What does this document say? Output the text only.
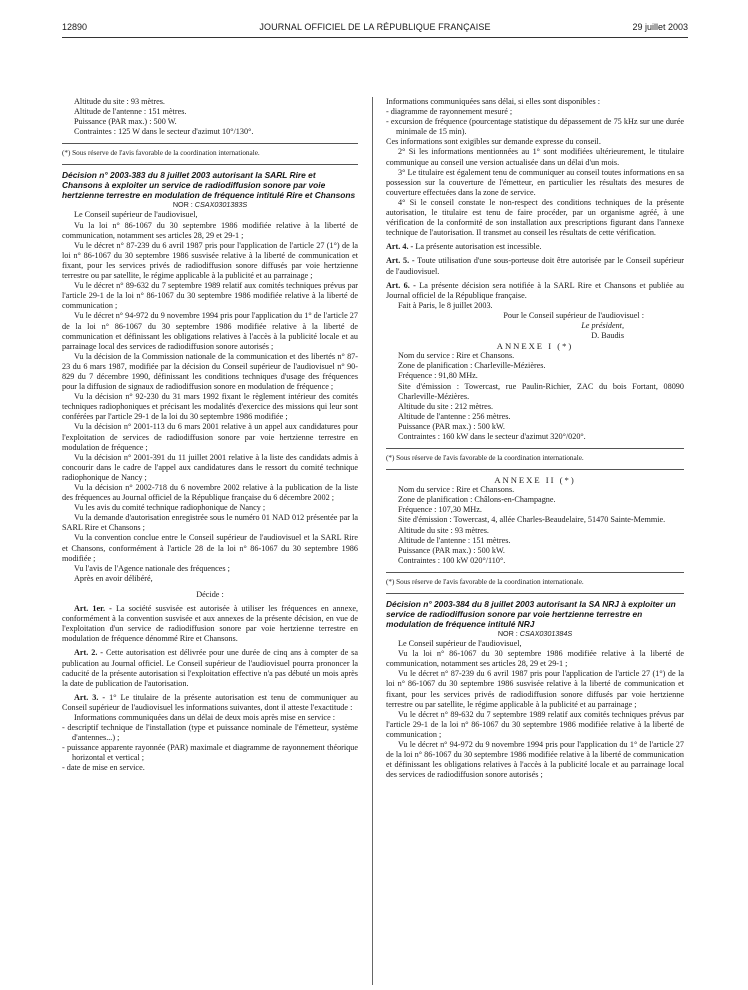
12890	JOURNAL OFFICIEL DE LA RÉPUBLIQUE FRANÇAISE	29 juillet 2003

Altitude du site : 93 mètres.

Altitude de l'antenne : 151 mètres.

Puissance (PAR max.) : 500 W.

Contraintes : 125 W dans le secteur d'azimut 10°/130°.

(*) Sous réserve de l'avis favorable de la coordination internationale.

Décision n° 2003-383 du 8 juillet 2003 autorisant la SARL Rire et Chansons à exploiter un service de radiodiffusion sonore par voie hertzienne terrestre en modulation de fréquence intitulé Rire et Chansons

NOR : CSAX0301383S

Le Conseil supérieur de l'audiovisuel,

Vu la loi n° 86-1067 du 30 septembre 1986 modifiée relative à la liberté de communication, notamment ses articles 28, 29 et 29-1 ;

Vu le décret n° 87-239 du 6 avril 1987 pris pour l'application de l'article 27 (1°) de la loi n° 86-1067 du 30 septembre 1986 susvisée relative à la liberté de communication et fixant, pour les services privés de radiodiffusion sonore diffusés par voie hertzienne terrestre ou par satellite, le régime applicable à la publicité et au parrainage ;

Vu le décret n° 89-632 du 7 septembre 1989 relatif aux comités techniques prévus par l'article 29-1 de la loi n° 86-1067 du 30 septembre 1986 modifiée relative à la liberté de communication ;

Vu le décret n° 94-972 du 9 novembre 1994 pris pour l'application du 1° de l'article 27 de la loi n° 86-1067 du 30 septembre 1986 modifiée relative à la liberté de communication et définissant les obligations relatives à l'accès à la publicité locale et au parrainage local des services de radiodiffusion sonore autorisés ;

Vu la décision de la Commission nationale de la communication et des libertés n° 87-23 du 6 mars 1987, modifiée par la décision du Conseil supérieur de l'audiovisuel n° 90-829 du 7 décembre 1990, définissant les conditions techniques d'usage des fréquences pour la diffusion de signaux de radiodiffusion sonore en modulation de fréquence ;

Vu la décision n° 92-230 du 31 mars 1992 fixant le règlement intérieur des comités techniques radiophoniques et précisant les modalités d'exercice des missions qui leur sont conférées par l'article 29-1 de la loi du 30 septembre 1986 modifiée ;

Vu la décision n° 2001-113 du 6 mars 2001 relative à un appel aux candidatures pour l'exploitation de services de radiodiffusion sonore par voie hertzienne terrestre en modulation de fréquence ;

Vu la décision n° 2001-391 du 11 juillet 2001 relative à la liste des candidats admis à concourir dans le cadre de l'appel aux candidatures dans le ressort du comité technique radiophonique de Nancy ;

Vu la décision n° 2002-718 du 6 novembre 2002 relative à la publication de la liste des fréquences au Journal officiel de la République française du 6 décembre 2002 ;

Vu les avis du comité technique radiophonique de Nancy ;

Vu la demande d'autorisation enregistrée sous le numéro 01 NAD 012 présentée par la SARL Rire et Chansons ;

Vu la convention conclue entre le Conseil supérieur de l'audiovisuel et la SARL Rire et Chansons, conformément à l'article 28 de la loi n° 86-1067 du 30 septembre 1986 modifiée ;

Vu l'avis de l'Agence nationale des fréquences ;

Après en avoir délibéré,

Décide :

Art. 1er. - La société susvisée est autorisée à utiliser les fréquences en annexe, conformément à la convention susvisée et aux annexes de la présente décision, en vue de l'exploitation d'un service de radiodiffusion sonore par voie hertzienne terrestre en modulation de fréquence dénommé Rire et Chansons.

Art. 2. - Cette autorisation est délivrée pour une durée de cinq ans à compter de sa publication au Journal officiel. Le Conseil supérieur de l'audiovisuel pourra prononcer la caducité de la présente autorisation si l'exploitation effective n'a pas débuté un mois après la date de publication de l'autorisation.

Art. 3. - 1° Le titulaire de la présente autorisation est tenu de communiquer au Conseil supérieur de l'audiovisuel les informations suivantes, dont il atteste l'exactitude :

Informations communiquées dans un délai de deux mois après mise en service :

- descriptif technique de l'installation (type et puissance nominale de l'émetteur, système d'antennes...) ;

- puissance apparente rayonnée (PAR) maximale et diagramme de rayonnement théorique horizontal et vertical ;

- date de mise en service.

Informations communiquées sans délai, si elles sont disponibles :

- diagramme de rayonnement mesuré ;

- excursion de fréquence (pourcentage statistique du dépassement de 75 kHz sur une durée minimale de 15 min).

Ces informations sont exigibles sur demande expresse du conseil.

2° Si les informations mentionnées au 1° sont modifiées ultérieurement, le titulaire communique au conseil une version actualisée dans un délai d'un mois.

3° Le titulaire est également tenu de communiquer au conseil toutes informations en sa possession sur la couverture de l'émetteur, en particulier les résultats des mesures de couverture effectuées dans la zone de service.

4° Si le conseil constate le non-respect des conditions techniques de la présente autorisation, le titulaire est tenu de faire procéder, par un organisme agréé, à une vérification de la conformité de son installation aux prescriptions figurant dans l'annexe technique de l'autorisation. Il transmet au conseil les résultats de cette vérification.

Art. 4. - La présente autorisation est incessible.

Art. 5. - Toute utilisation d'une sous-porteuse doit être autorisée par le Conseil supérieur de l'audiovisuel.

Art. 6. - La présente décision sera notifiée à la SARL Rire et Chansons et publiée au Journal officiel de la République française.

Fait à Paris, le 8 juillet 2003.

Pour le Conseil supérieur de l'audiovisuel :

Le président,

D. Baudis

ANNEXE I (*)

Nom du service : Rire et Chansons.

Zone de planification : Charleville-Mézières.

Fréquence : 91,80 MHz.

Site d'émission : Towercast, rue Paulin-Richier, ZAC du bois Fortant, 08090 Charleville-Mézières.

Altitude du site : 212 mètres.

Altitude de l'antenne : 256 mètres.

Puissance (PAR max.) : 500 kW.

Contraintes : 160 kW dans le secteur d'azimut 320°/020°.

(*) Sous réserve de l'avis favorable de la coordination internationale.

ANNEXE II (*)

Nom du service : Rire et Chansons.

Zone de planification : Châlons-en-Champagne.

Fréquence : 107,30 MHz.

Site d'émission : Towercast, 4, allée Charles-Beaudelaire, 51470 Sainte-Memmie.

Altitude du site : 93 mètres.

Altitude de l'antenne : 151 mètres.

Puissance (PAR max.) : 500 kW.

Contraintes : 100 kW 020°/110°.

(*) Sous réserve de l'avis favorable de la coordination internationale.

Décision n° 2003-384 du 8 juillet 2003 autorisant la SA NRJ à exploiter un service de radiodiffusion sonore par voie hertzienne terrestre en modulation de fréquence intitulé NRJ

NOR : CSAX0301384S

Le Conseil supérieur de l'audiovisuel,

Vu la loi n° 86-1067 du 30 septembre 1986 modifiée relative à la liberté de communication, notamment ses articles 28, 29 et 29-1 ;

Vu le décret n° 87-239 du 6 avril 1987 pris pour l'application de l'article 27 (1°) de la loi n° 86-1067 du 30 septembre 1986 susvisée relative à la liberté de communication et fixant, pour les services privés de radiodiffusion sonore diffusés par voie hertzienne terrestre ou par satellite, le régime applicable à la publicité et au parrainage ;

Vu le décret n° 89-632 du 7 septembre 1989 relatif aux comités techniques prévus par l'article 29-1 de la loi n° 86-1067 du 30 septembre 1986 modifiée relative à la liberté de communication ;

Vu le décret n° 94-972 du 9 novembre 1994 pris pour l'application du 1° de l'article 27 de la loi n° 86-1067 du 30 septembre 1986 modifiée relative à la liberté de communication et définissant les obligations relatives à l'accès à la publicité locale et au parrainage local des services de radiodiffusion sonore autorisés ;
